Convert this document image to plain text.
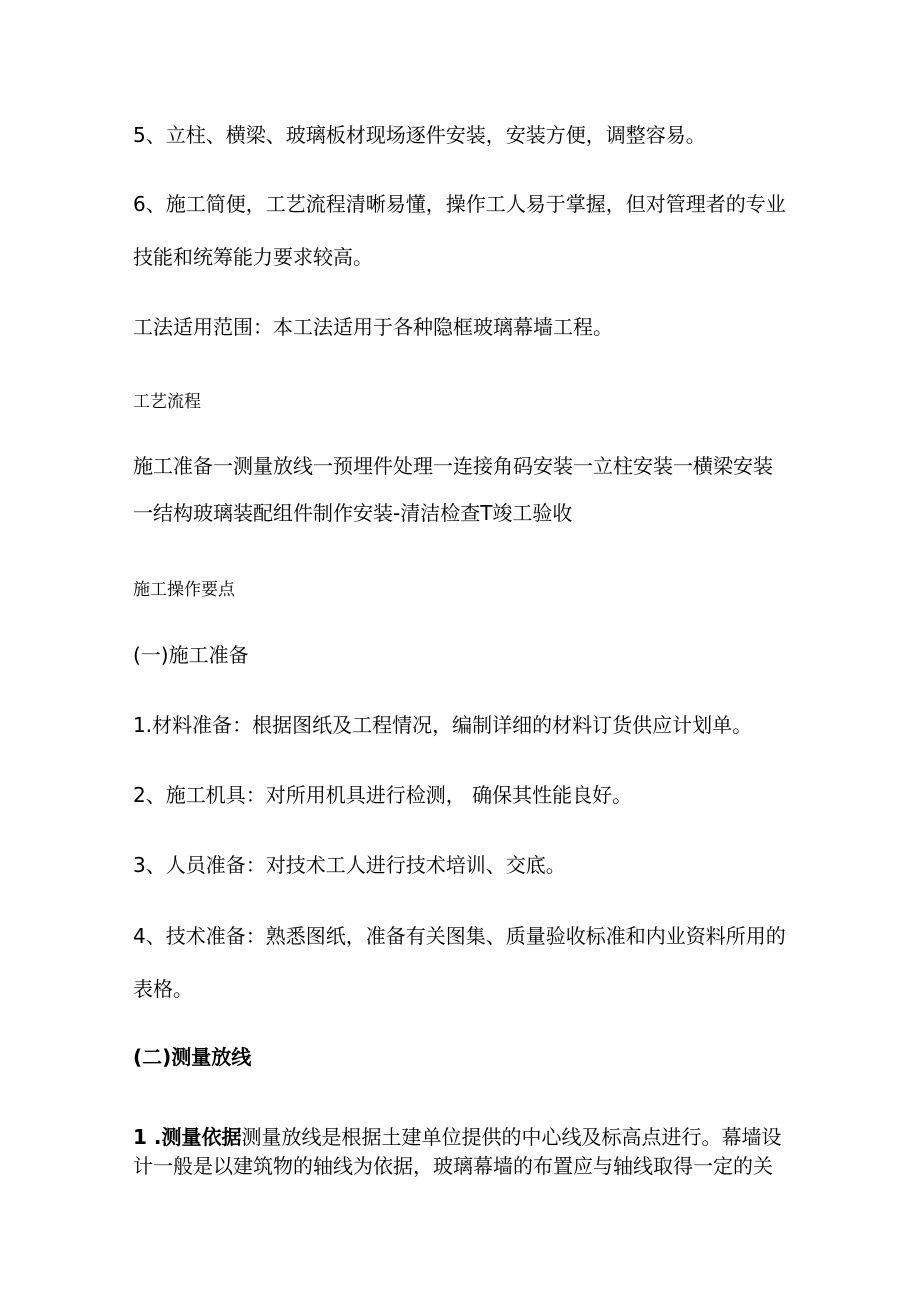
5、立柱、横梁、玻璃板材现场逐件安装，安装方便，调整容易。
6、施工简便，工艺流程清晰易懂，操作工人易于掌握，但对管理者的专业
技能和统筹能力要求较高。
工法适用范围：本工法适用于各种隐框玻璃幕墙工程。
工艺流程
施工准备一测量放线一预埋件处理一连接角码安装一立柱安装一横梁安装
一结构玻璃装配组件制作安装-清洁检查T竣工验收
施工操作要点
(一)施工准备
1.材料准备：根据图纸及工程情况，编制详细的材料订货供应计划单。
2、施工机具：对所用机具进行检测， 确保其性能良好。
3、人员准备：对技术工人进行技术培训、交底。
4、技术准备：熟悉图纸，准备有关图集、质量验收标准和内业资料所用的
表格。
(二)测量放线
1 .测量依据测量放线是根据土建单位提供的中心线及标高点进行。幕墙设
计一般是以建筑物的轴线为依据，玻璃幕墙的布置应与轴线取得一定的关
